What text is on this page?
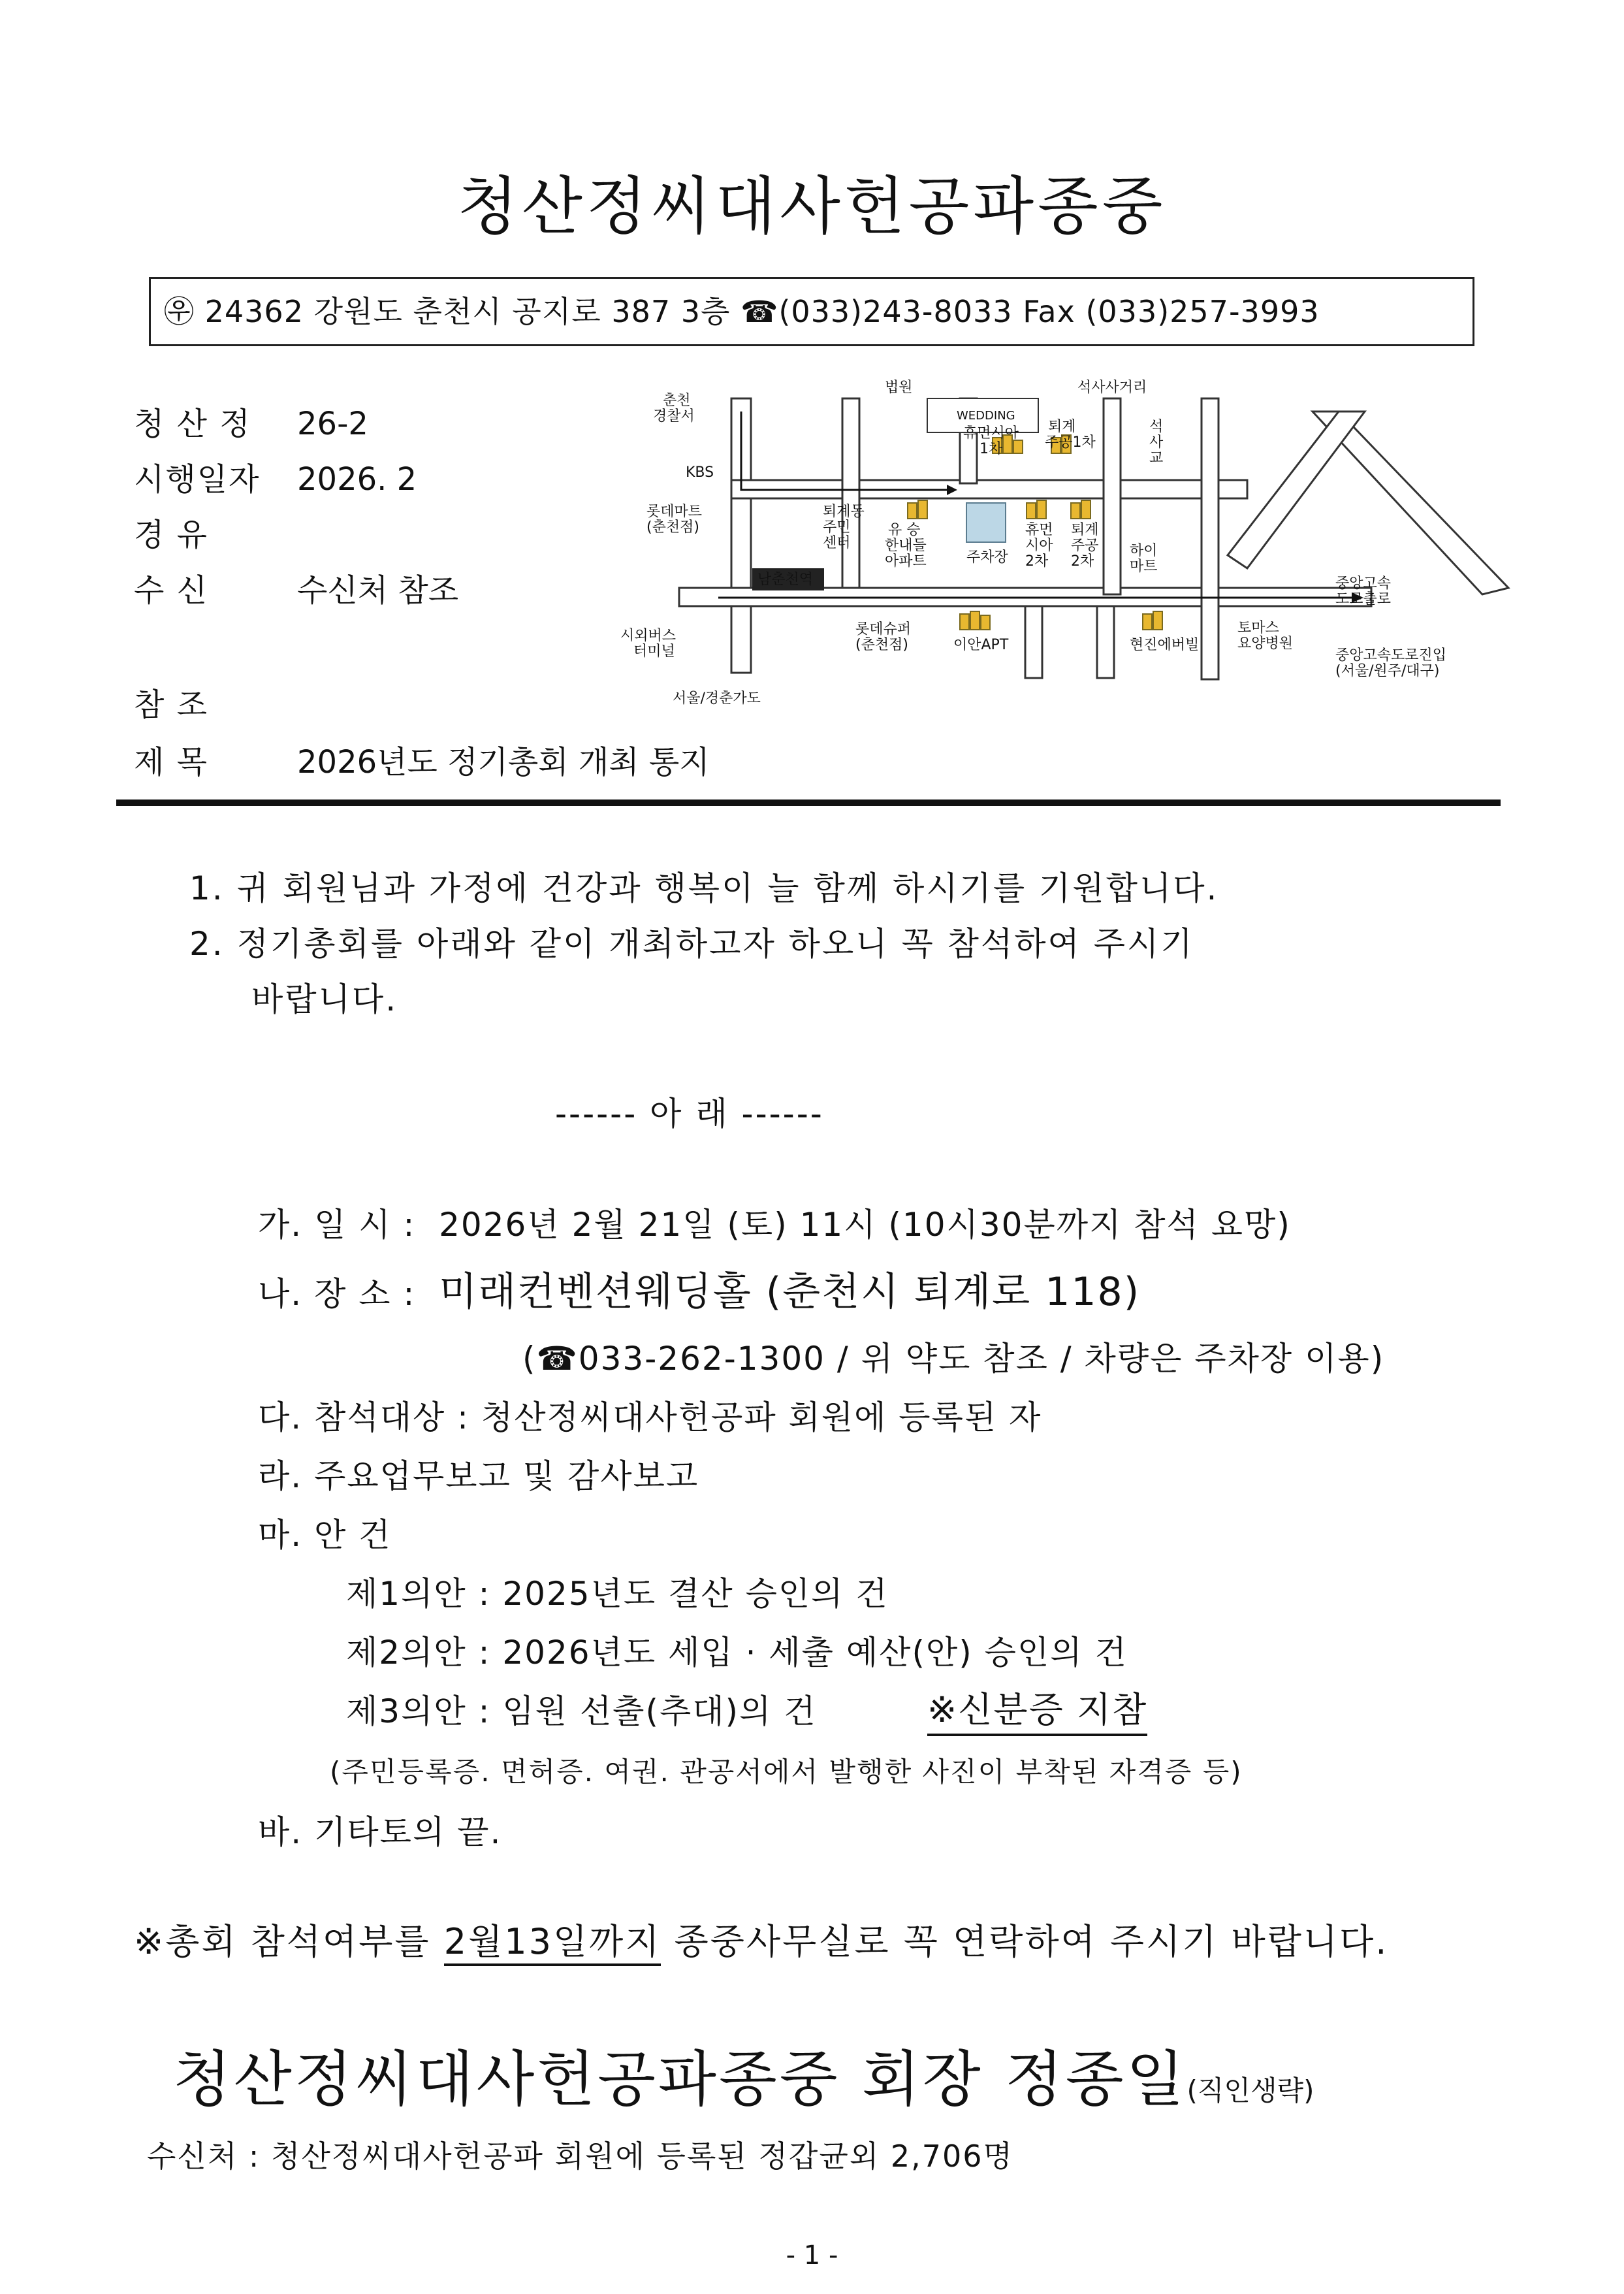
청산정씨대사헌공파종중
㉾ 24362 강원도 춘천시 공지로 387 3층 ☎(033)243-8033 Fax (033)257-3993
청 산 정 26-2
시행일자 2026. 2
경 유
수 신	수신처 참조
참 조
제 목	2026년도 정기총회 개최 통지
법원	석사사거리
춘천
경찰서
KBS
롯데마트
(춘천점)
퇴계동
주민
센터
WEDDING
휴먼시아
1차
퇴계
주공1차
석
사
교
유 승
한내들
아파트
휴먼
시아
2차
퇴계
주공
2차
주차장	하이
마트
남춘천역	중앙고속
도로출로
시외버스
터미널
롯데슈퍼
(춘천점)	이안APT	현진에버빌
토마스
요양병원
중앙고속도로진입
(서울/원주/대구)
서울/경춘가도
1. 귀 회원님과 가정에 건강과 행복이 늘 함께 하시기를 기원합니다.
2. 정기총회를 아래와 같이 개최하고자 하오니 꼭 참석하여 주시기
바랍니다.
------ 아 래 ------
가. 일 시 : 2026년 2월 21일 (토) 11시 (10시30분까지 참석 요망)
나. 장 소 : 미래컨벤션웨딩홀 (춘천시 퇴계로 118)
(☎033-262-1300 / 위 약도 참조 / 차량은 주차장 이용)
다. 참석대상 : 청산정씨대사헌공파 회원에 등록된 자
라. 주요업무보고 및 감사보고
마. 안 건
제1의안 : 2025년도 결산 승인의 건
제2의안 : 2026년도 세입 · 세출 예산(안) 승인의 건
제3의안 : 임원 선출(추대)의 건	※신분증 지참
(주민등록증. 면허증. 여권. 관공서에서 발행한 사진이 부착된 자격증 등)
바. 기타토의 끝.
※총회 참석여부를 2월13일까지 종중사무실로 꼭 연락하여 주시기 바랍니다.
청산정씨대사헌공파종중 회장 정종일(직인생략)
수신처 : 청산정씨대사헌공파 회원에 등록된 정갑균외 2,706명
- 1 -
